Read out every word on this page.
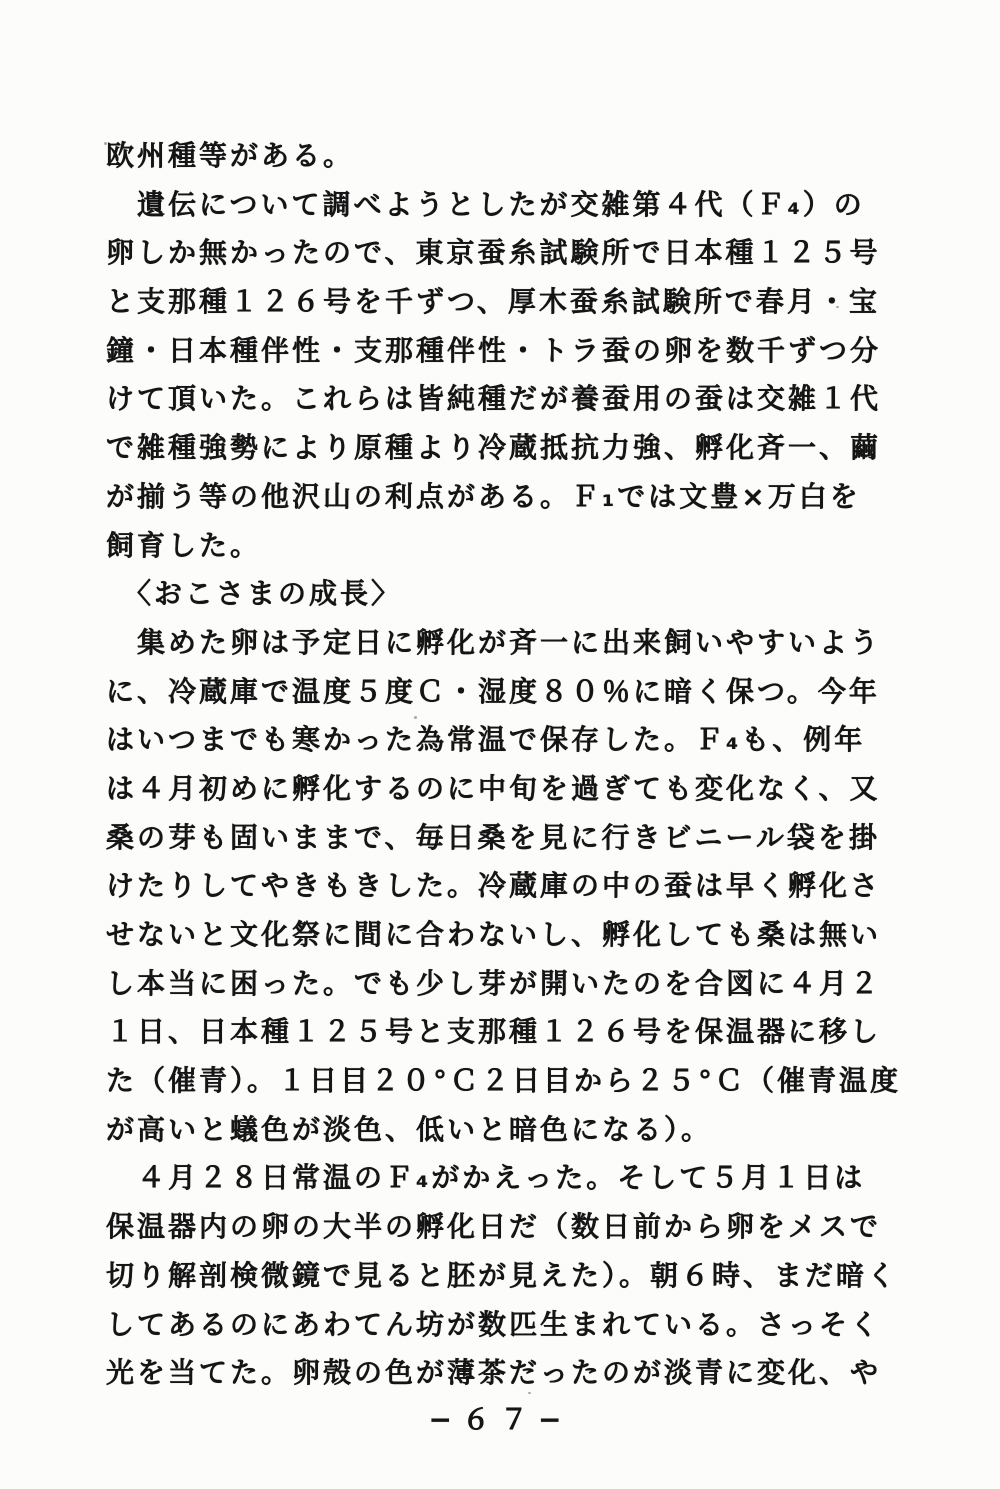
欧州種等がある。
　遺伝について調べようとしたが交雑第４代（Ｆ₄）の
卵しか無かったので、東京蚕糸試験所で日本種１２５号
と支那種１２６号を千ずつ、厚木蚕糸試験所で春月・宝
鐘・日本種伴性・支那種伴性・トラ蚕の卵を数千ずつ分
けて頂いた。これらは皆純種だが養蚕用の蚕は交雑１代
で雑種強勢により原種より冷蔵抵抗力強、孵化斉一、繭
が揃う等の他沢山の利点がある。Ｆ₁では文豊×万白を
飼育した。
　〈おこさまの成長〉
　集めた卵は予定日に孵化が斉一に出来飼いやすいよう
に、冷蔵庫で温度５度Ｃ・湿度８０％に暗く保つ。今年
はいつまでも寒かった為常温で保存した。Ｆ₄も、例年
は４月初めに孵化するのに中旬を過ぎても変化なく、又
桑の芽も固いままで、毎日桑を見に行きビニール袋を掛
けたりしてやきもきした。冷蔵庫の中の蚕は早く孵化さ
せないと文化祭に間に合わないし、孵化しても桑は無い
し本当に困った。でも少し芽が開いたのを合図に４月２
１日、日本種１２５号と支那種１２６号を保温器に移し
た（催青）。１日目２０°Ｃ２日目から２５°Ｃ（催青温度
が高いと蟻色が淡色、低いと暗色になる）。
　４月２８日常温のＦ₄がかえった。そして５月１日は
保温器内の卵の大半の孵化日だ（数日前から卵をメスで
切り解剖検微鏡で見ると胚が見えた）。朝６時、まだ暗く
してあるのにあわてん坊が数匹生まれている。さっそく
光を当てた。卵殻の色が薄茶だったのが淡青に変化、や
−６７−
